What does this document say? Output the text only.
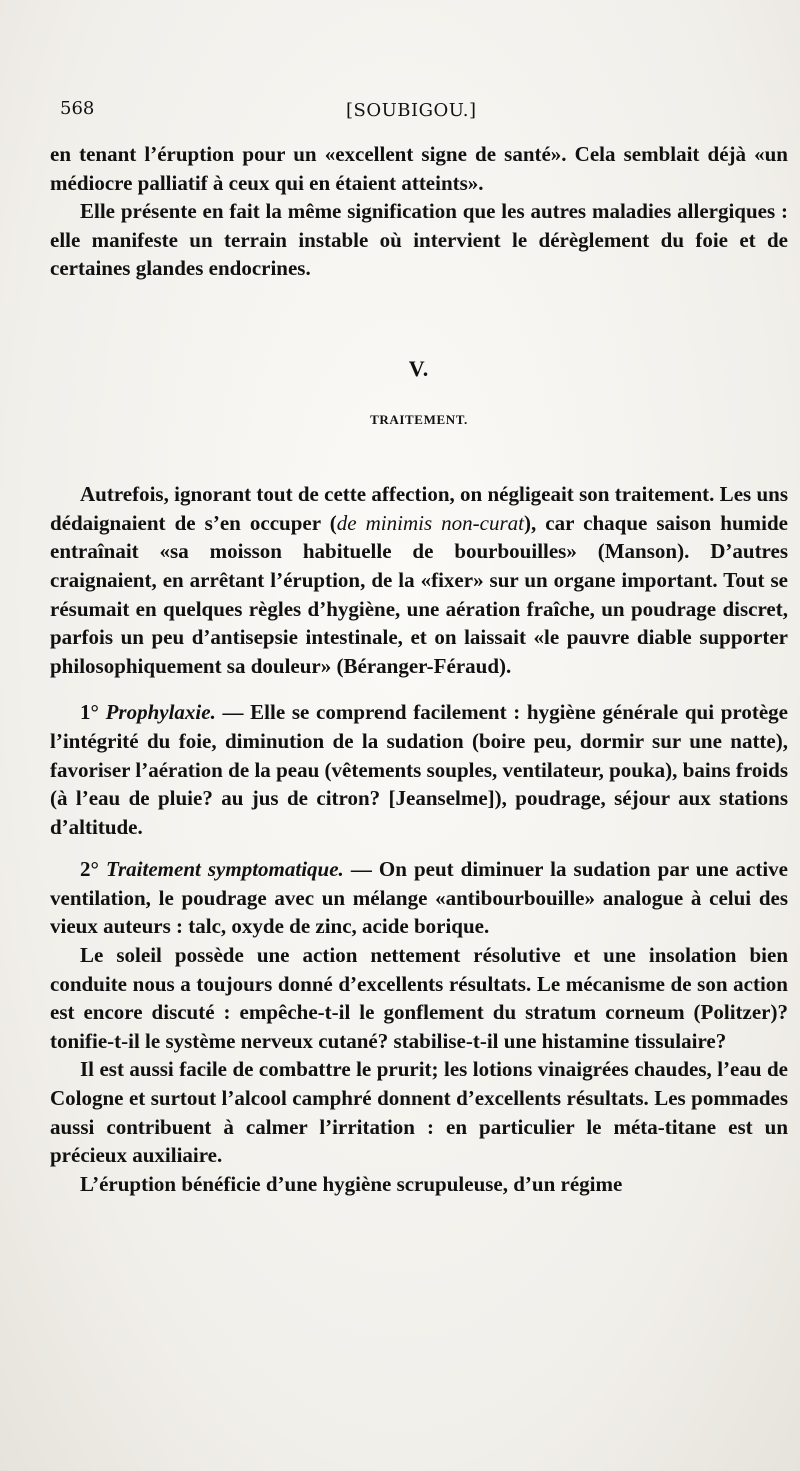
568	[SOUBIGOU.]

en tenant l’éruption pour un «excellent signe de santé». Cela semblait déjà «un médiocre palliatif à ceux qui en étaient atteints».

Elle présente en fait la même signification que les autres maladies allergiques : elle manifeste un terrain instable où intervient le dérèglement du foie et de certaines glandes endocrines.

V.

TRAITEMENT.

Autrefois, ignorant tout de cette affection, on négligeait son traitement. Les uns dédaignaient de s’en occuper (de minimis non-curat), car chaque saison humide entraînait «sa moisson habituelle de bourbouilles» (Manson). D’autres craignaient, en arrêtant l’éruption, de la «fixer» sur un organe important. Tout se résumait en quelques règles d’hygiène, une aération fraîche, un poudrage discret, parfois un peu d’antisepsie intestinale, et on laissait «le pauvre diable supporter philosophiquement sa douleur» (Béranger-Féraud).

1° Prophylaxie. — Elle se comprend facilement : hygiène générale qui protège l’intégrité du foie, diminution de la sudation (boire peu, dormir sur une natte), favoriser l’aération de la peau (vêtements souples, ventilateur, pouka), bains froids (à l’eau de pluie? au jus de citron? [Jeanselme]), poudrage, séjour aux stations d’altitude.

2° Traitement symptomatique. — On peut diminuer la sudation par une active ventilation, le poudrage avec un mélange «antibourbouille» analogue à celui des vieux auteurs : talc, oxyde de zinc, acide borique.

Le soleil possède une action nettement résolutive et une insolation bien conduite nous a toujours donné d’excellents résultats. Le mécanisme de son action est encore discuté : empêche-t-il le gonflement du stratum corneum (Politzer)? tonifie-t-il le système nerveux cutané? stabilise-t-il une histamine tissulaire?

Il est aussi facile de combattre le prurit; les lotions vinaigrées chaudes, l’eau de Cologne et surtout l’alcool camphré donnent d’excellents résultats. Les pommades aussi contribuent à calmer l’irritation : en particulier le méta-titane est un précieux auxiliaire.

L’éruption bénéficie d’une hygiène scrupuleuse, d’un régime
